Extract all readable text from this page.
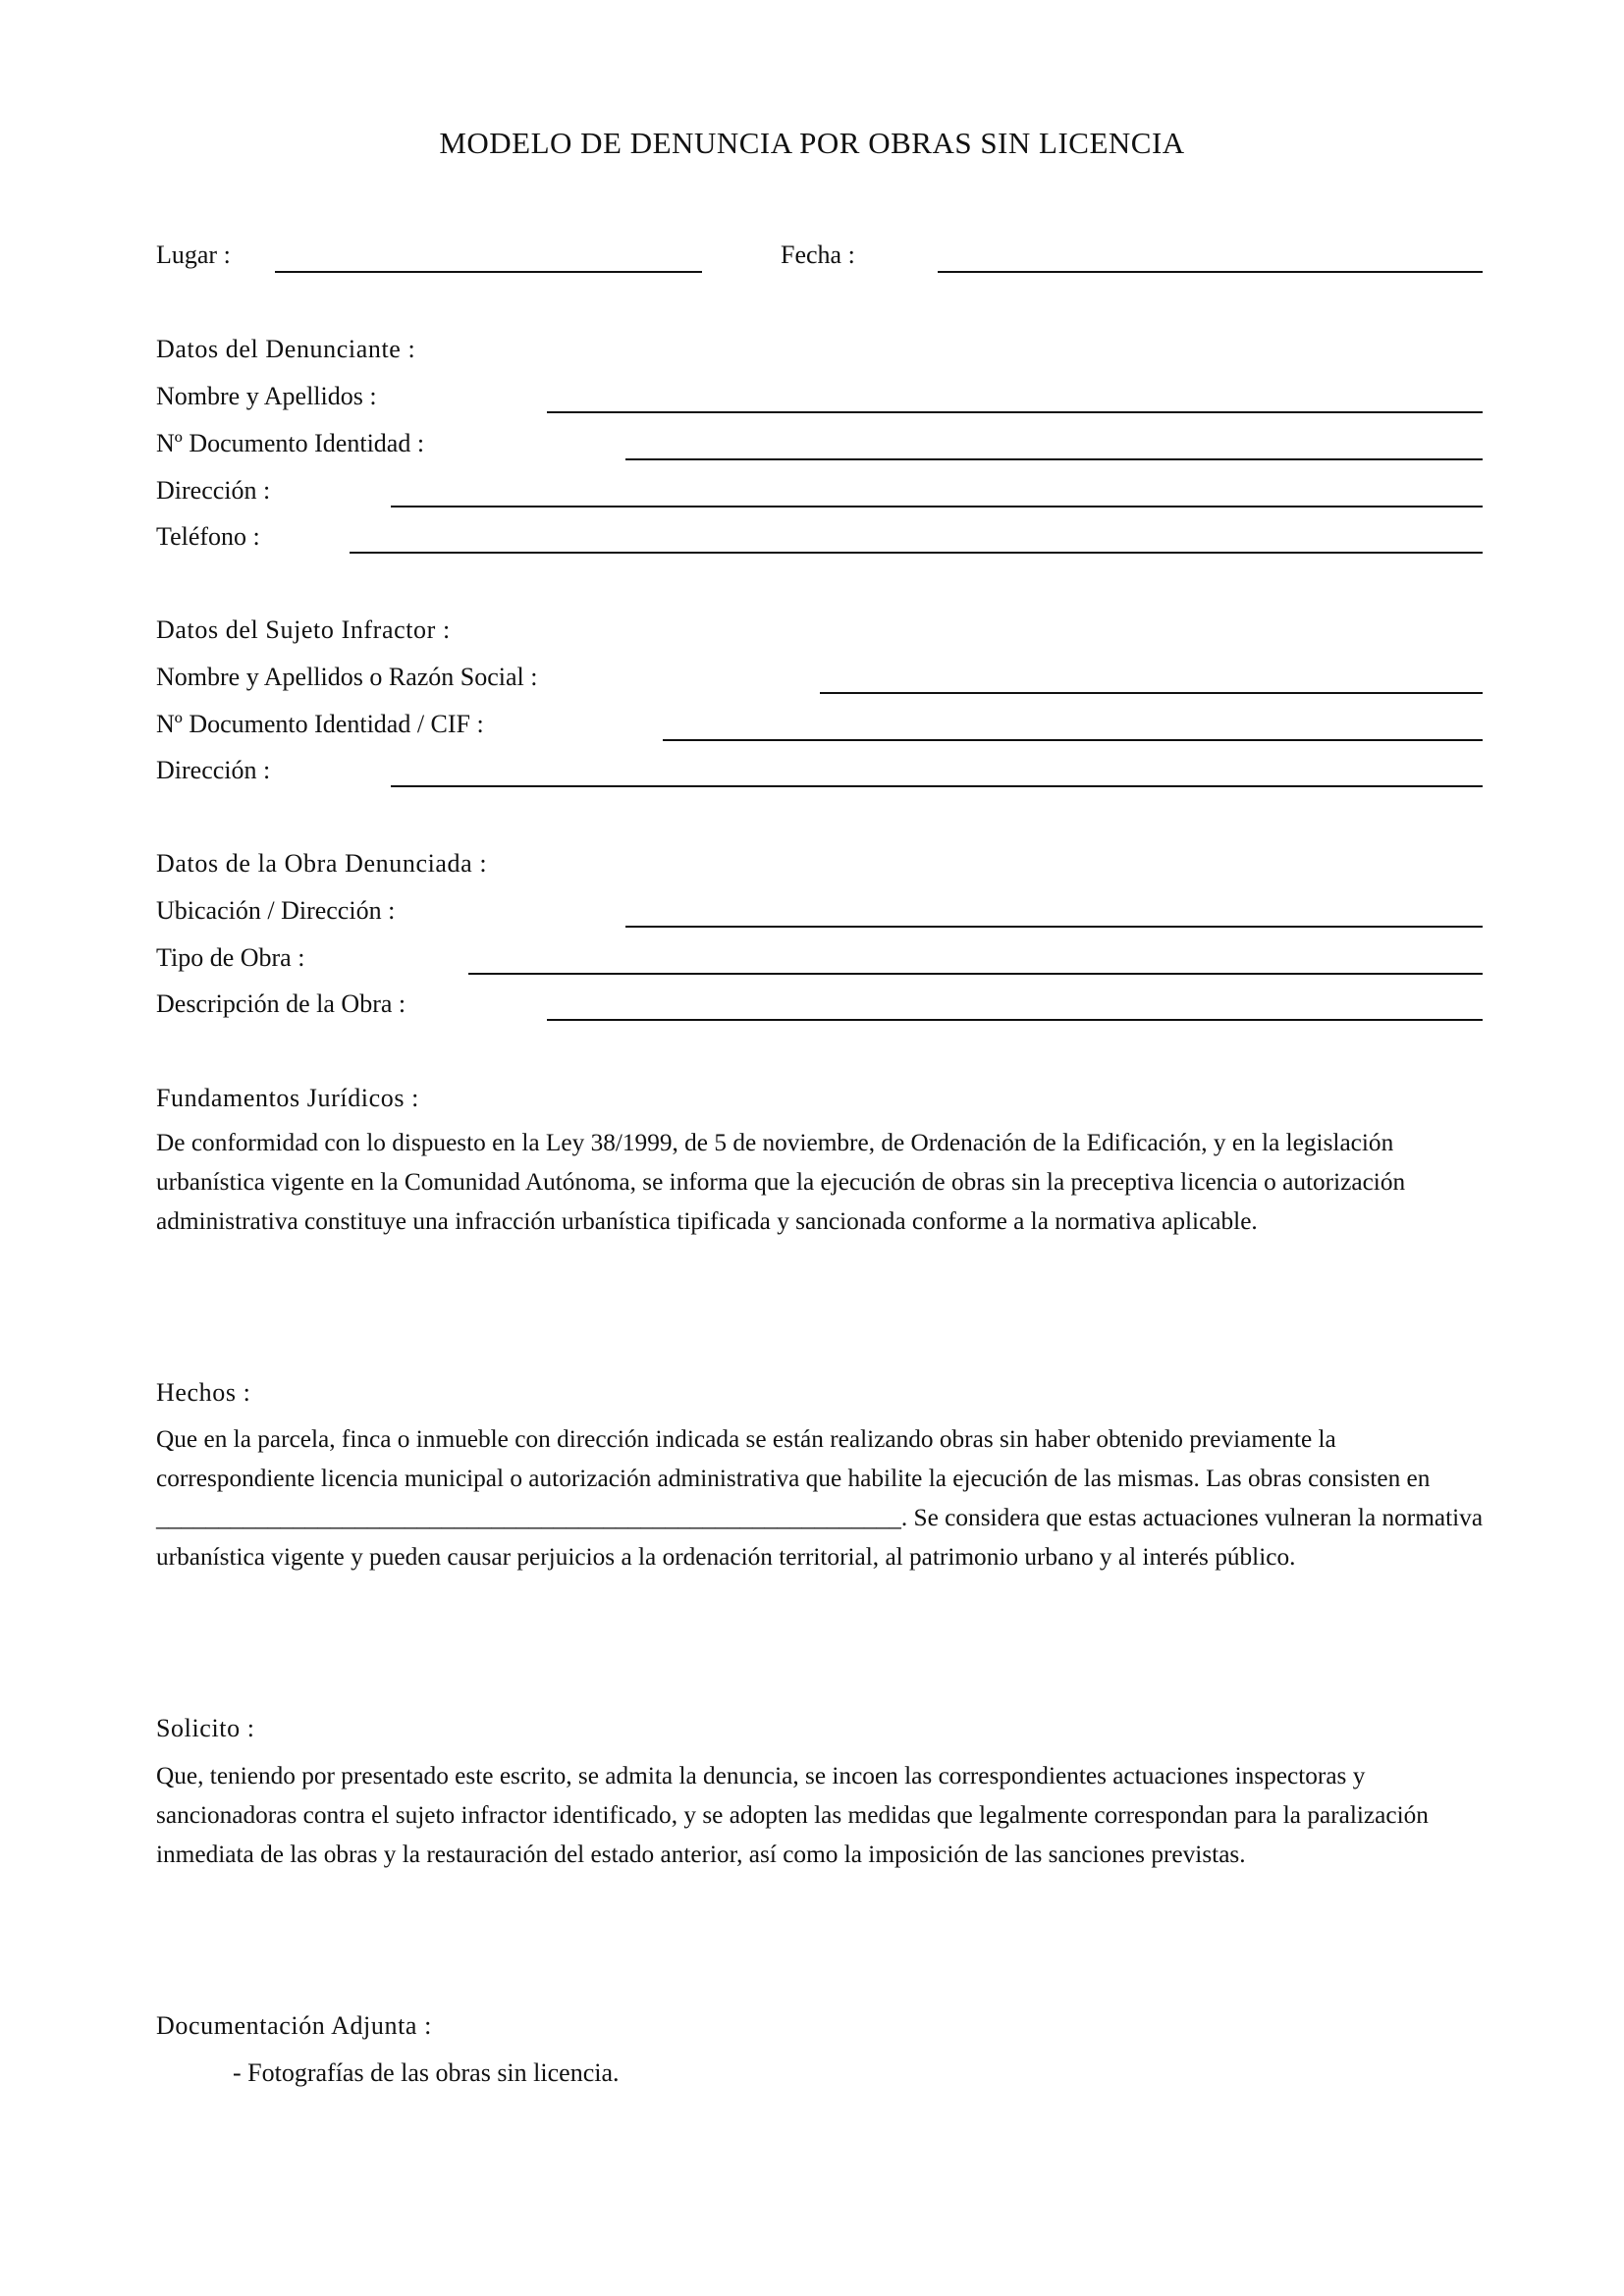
MODELO DE DENUNCIA POR OBRAS SIN LICENCIA
Lugar :	Fecha :
Datos del Denunciante :
Nombre y Apellidos :
Nº Documento Identidad :
Dirección :
Teléfono :
Datos del Sujeto Infractor :
Nombre y Apellidos o Razón Social :
Nº Documento Identidad / CIF :
Dirección :
Datos de la Obra Denunciada :
Ubicación / Dirección :
Tipo de Obra :
Descripción de la Obra :
Fundamentos Jurídicos :

De conformidad con lo dispuesto en la Ley 38/1999, de 5 de noviembre, de Ordenación de la Edificación, y en la legislación urbanística vigente en la Comunidad Autónoma, se informa que la ejecución de obras sin la preceptiva licencia o autorización administrativa constituye una infracción urbanística tipificada y sancionada conforme a la normativa aplicable.

Hechos :

Que en la parcela, finca o inmueble con dirección indicada se están realizando obras sin haber obtenido previamente la correspondiente licencia municipal o autorización administrativa que habilite la ejecución de las mismas. Las obras consisten en ____________________________________________________________. Se considera que estas actuaciones vulneran la normativa urbanística vigente y pueden causar perjuicios a la ordenación territorial, al patrimonio urbano y al interés público.

Solicito :

Que, teniendo por presentado este escrito, se admita la denuncia, se incoen las correspondientes actuaciones inspectoras y sancionadoras contra el sujeto infractor identificado, y se adopten las medidas que legalmente correspondan para la paralización inmediata de las obras y la restauración del estado anterior, así como la imposición de las sanciones previstas.

Documentación Adjunta :
- Fotografías de las obras sin licencia.
